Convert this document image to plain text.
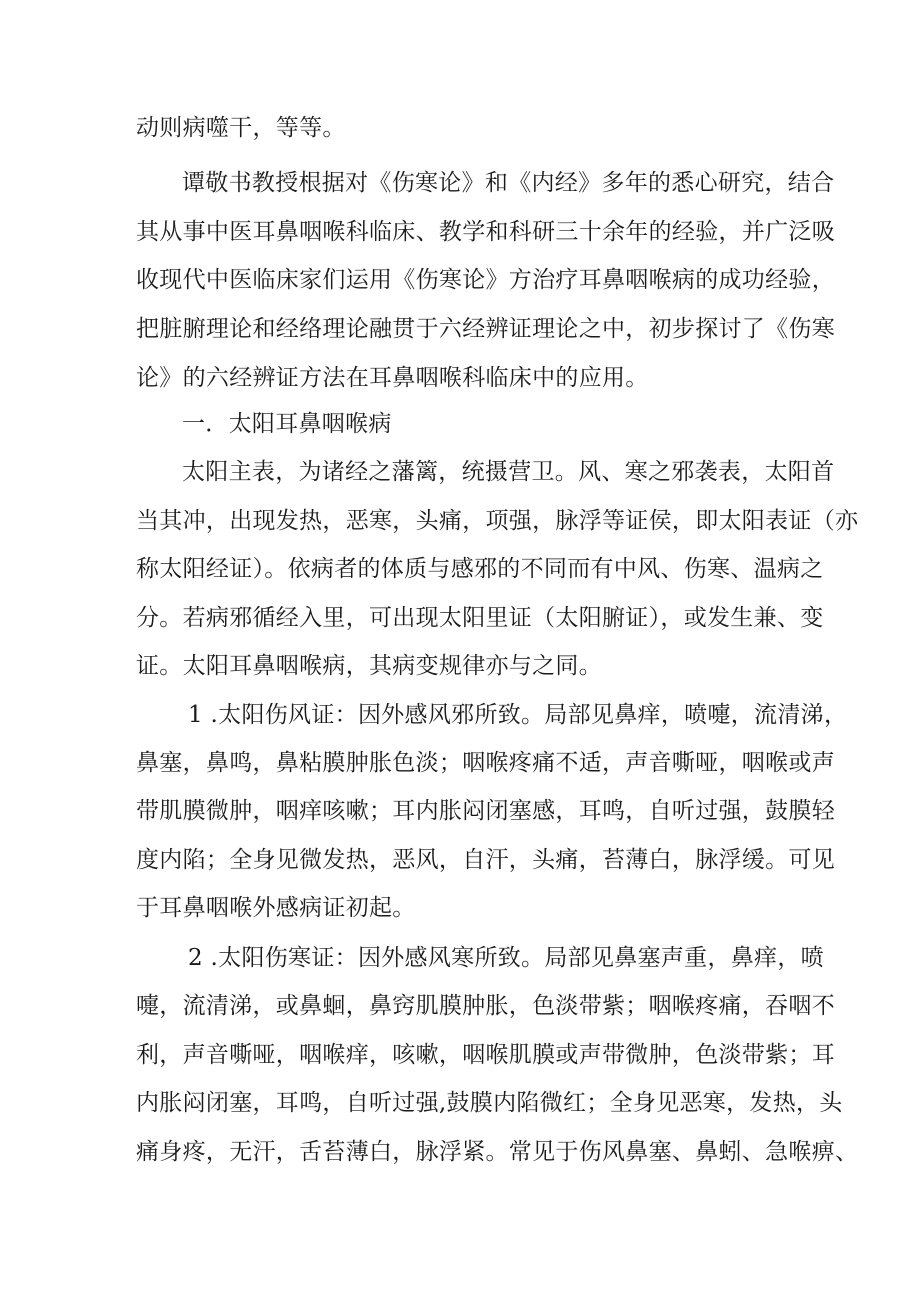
动则病噬干，等等。
谭敬书教授根据对《伤寒论》和《内经》多年的悉心研究，结合
其从事中医耳鼻咽喉科临床、教学和科研三十余年的经验，并广泛吸
收现代中医临床家们运用《伤寒论》方治疗耳鼻咽喉病的成功经验，
把脏腑理论和经络理论融贯于六经辨证理论之中，初步探讨了《伤寒
论》的六经辨证方法在耳鼻咽喉科临床中的应用。
一．太阳耳鼻咽喉病
太阳主表，为诸经之藩篱，统摄营卫。风、寒之邪袭表，太阳首
当其冲，出现发热，恶寒，头痛，项强，脉浮等证侯，即太阳表证（亦
称太阳经证）。依病者的体质与感邪的不同而有中风、伤寒、温病之
分。若病邪循经入里，可出现太阳里证（太阳腑证），或发生兼、变
证。太阳耳鼻咽喉病，其病变规律亦与之同。
1 .太阳伤风证：因外感风邪所致。局部见鼻痒，喷嚏，流清涕，
鼻塞，鼻鸣，鼻粘膜肿胀色淡；咽喉疼痛不适，声音嘶哑，咽喉或声
带肌膜微肿，咽痒咳嗽；耳内胀闷闭塞感，耳鸣，自听过强，鼓膜轻
度内陷；全身见微发热，恶风，自汗，头痛，苔薄白，脉浮缓。可见
于耳鼻咽喉外感病证初起。
2 .太阳伤寒证：因外感风寒所致。局部见鼻塞声重，鼻痒，喷
嚏，流清涕，或鼻蛔，鼻窍肌膜肿胀，色淡带紫；咽喉疼痛，吞咽不
利，声音嘶哑，咽喉痒，咳嗽，咽喉肌膜或声带微肿，色淡带紫；耳
内胀闷闭塞，耳鸣，自听过强,鼓膜内陷微红；全身见恶寒，发热，头
痛身疼，无汗，舌苔薄白，脉浮紧。常见于伤风鼻塞、鼻蚓、急喉痹、
